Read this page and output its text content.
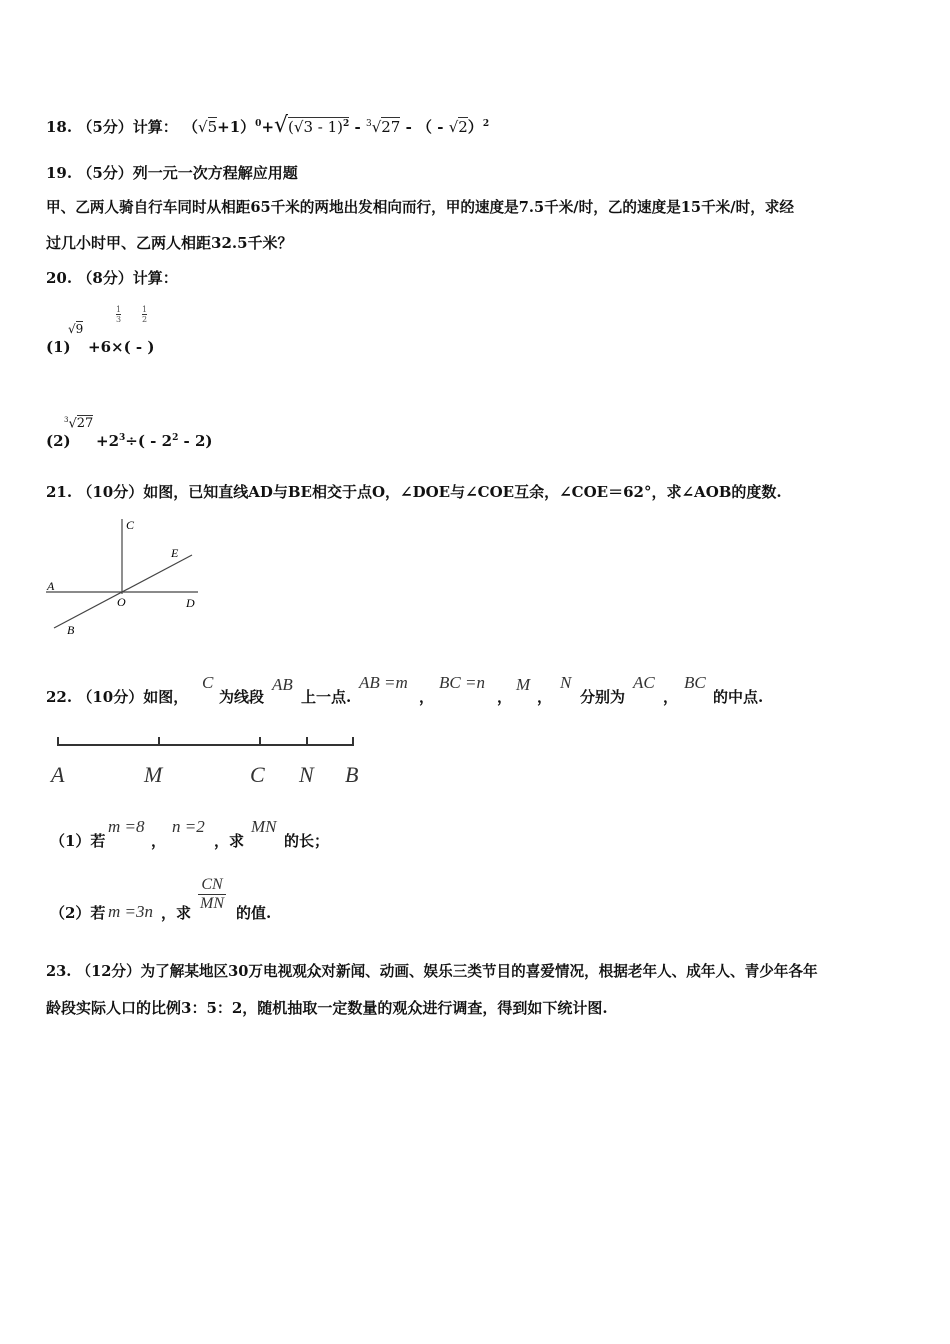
18. （5分）计算： $(√5+1)^0+√(√3 - 1)^2 - ^3√27$ - （ - √2）$^2$
19. （5分）列一元一次方程解应用题
甲、乙两人骑自行车同时从相距65千米的两地出发相向而行，甲的速度是7.5千米/时，乙的速度是15千米/时，求经
过几小时甲、乙两人相距32.5千米？
20. （8分）计算：
(1)
√9
+6×( - )
$\frac{1}{3}$	$\frac{1}{2}$
(2)
$^3$√27
$+2^3\div( - 2^2 - 2)$
21. （10分）如图，已知直线AD与BE相交于点O，∠DOE与∠COE互余，∠COE＝62°，求∠AOB的度数.
C
E
A
O	D
B
22. （10分）如图，
C
为线段
AB
上一点.
AB =m
，
BC =n
，
M
，
N
分别为
AC
，
BC
的中点.
A	M	C N B
（1）若
m =8
，
n =2
，求
MN
的长；
（2）若 m =3n ，求 $\frac{CN}{MN}$ 的值.
23. （12分）为了解某地区30万电视观众对新闻、动画、娱乐三类节目的喜爱情况，根据老年人、成年人、青少年各年
龄段实际人口的比例3：5：2，随机抽取一定数量的观众进行调查，得到如下统计图.
